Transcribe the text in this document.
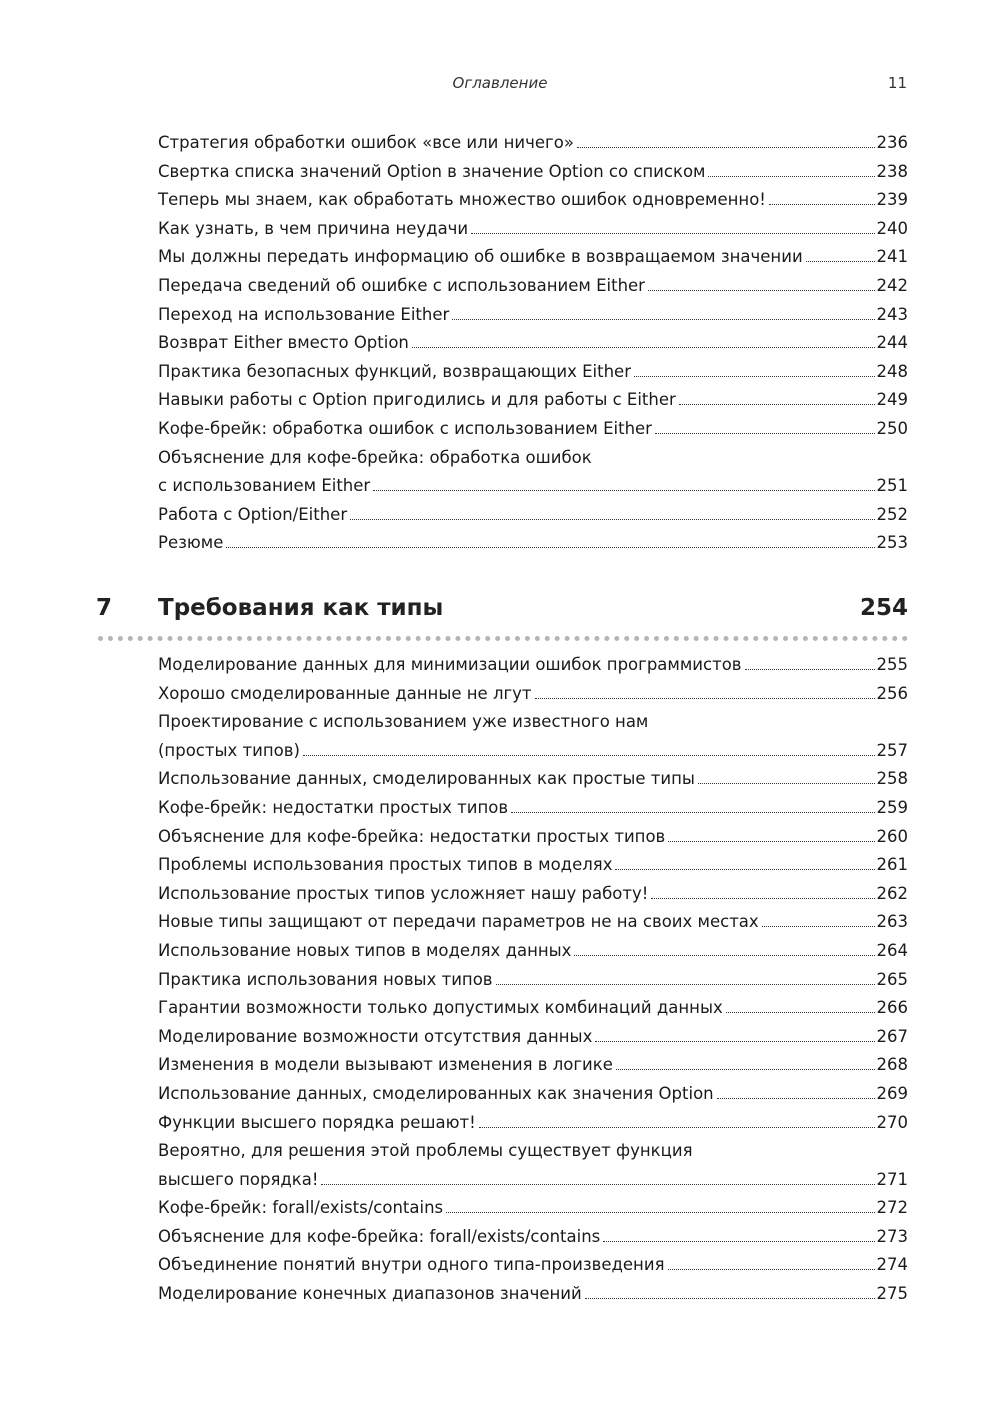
Оглавление	11
Стратегия обработки ошибок «все или ничего»	236
Свертка списка значений Option в значение Option со списком	238
Теперь мы знаем, как обработать множество ошибок одновременно!	239
Как узнать, в чем причина неудачи	240
Мы должны передать информацию об ошибке в возвращаемом значении	241
Передача сведений об ошибке с использованием Either	242
Переход на использование Either	243
Возврат Either вместо Option	244
Практика безопасных функций, возвращающих Either	248
Навыки работы с Option пригодились и для работы с Either	249
Кофе-брейк: обработка ошибок с использованием Either	250
Объяснение для кофе-брейка: обработка ошибок
с использованием Either	251
Работа с Option/Either	252
Резюме	253
7 Требования как типы	254
Моделирование данных для минимизации ошибок программистов	255
Хорошо смоделированные данные не лгут	256
Проектирование с использованием уже известного нам
(простых типов)	257
Использование данных, смоделированных как простые типы	258
Кофе-брейк: недостатки простых типов	259
Объяснение для кофе-брейка: недостатки простых типов	260
Проблемы использования простых типов в моделях	261
Использование простых типов усложняет нашу работу!	262
Новые типы защищают от передачи параметров не на своих местах	263
Использование новых типов в моделях данных	264
Практика использования новых типов	265
Гарантии возможности только допустимых комбинаций данных	266
Моделирование возможности отсутствия данных	267
Изменения в модели вызывают изменения в логике	268
Использование данных, смоделированных как значения Option	269
Функции высшего порядка решают!	270
Вероятно, для решения этой проблемы существует функция
высшего порядка!	271
Кофе-брейк: forall/exists/contains	272
Объяснение для кофе-брейка: forall/exists/contains	273
Объединение понятий внутри одного типа-произведения	274
Моделирование конечных диапазонов значений	275
